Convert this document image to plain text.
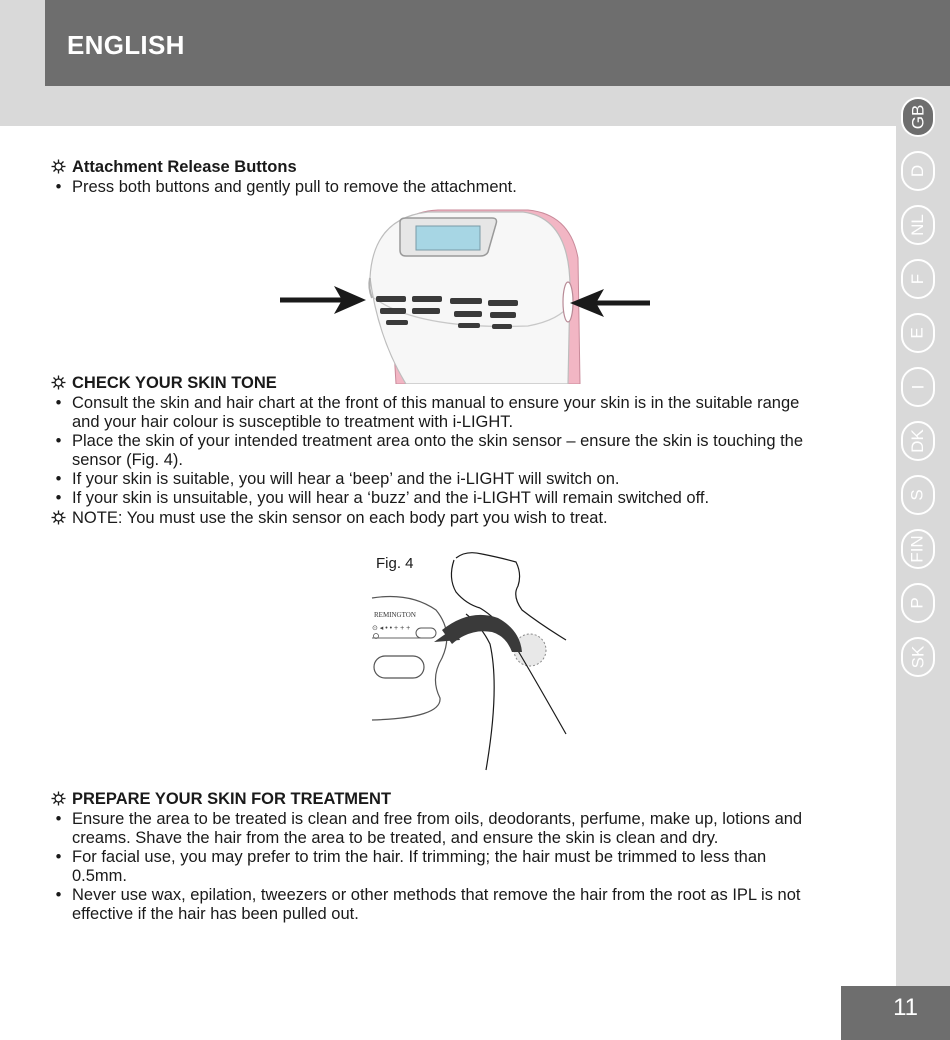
ENGLISH
GB
D
NL
F
E
I
DK
S
FIN
P
SK
Attachment Release Buttons
• Press both buttons and gently pull to remove the attachment.
CHECK YOUR SKIN TONE
• Consult the skin and hair chart at the front of this manual to ensure your skin is in the suitable range
and your hair colour is susceptible to treatment with i-LIGHT.
• Place the skin of your intended treatment area onto the skin sensor – ensure the skin is touching the
sensor (Fig. 4).
• If your skin is suitable, you will hear a ‘beep’ and the i-LIGHT will switch on.
• If your skin is unsuitable, you will hear a ‘buzz’ and the i-LIGHT will remain switched off.
NOTE: You must use the skin sensor on each body part you wish to treat.
PREPARE YOUR SKIN FOR TREATMENT
• Ensure the area to be treated is clean and free from oils, deodorants, perfume, make up, lotions and
creams. Shave the hair from the area to be treated, and ensure the skin is clean and dry.
• For facial use, you may prefer to trim the hair. If trimming; the hair must be trimmed to less than
0.5mm.
• Never use wax, epilation, tweezers or other methods that remove the hair from the root as IPL is not
effective if the hair has been pulled out.
Fig. 4
REMINGTON
⊙ ◂ • • + + +
11
